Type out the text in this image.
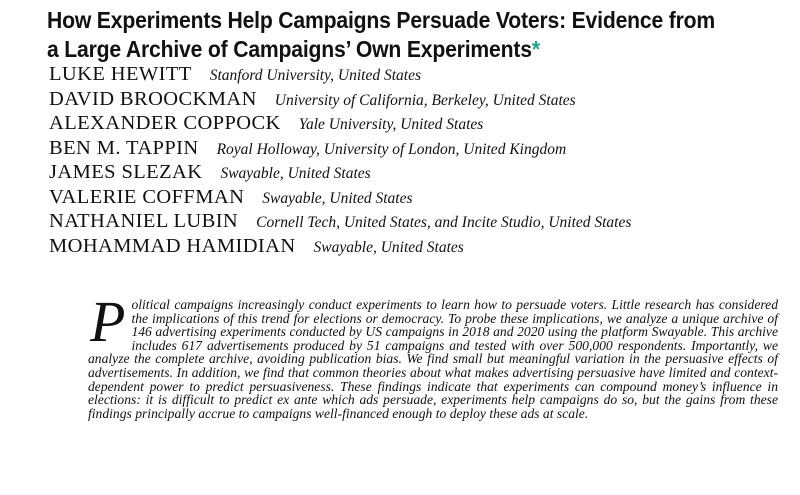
How Experiments Help Campaigns Persuade Voters: Evidence from a Large Archive of Campaigns’ Own Experiments*
LUKE HEWITT Stanford University, United States
DAVID BROOCKMAN University of California, Berkeley, United States
ALEXANDER COPPOCK Yale University, United States
BEN M. TAPPIN Royal Holloway, University of London, United Kingdom
JAMES SLEZAK Swayable, United States
VALERIE COFFMAN Swayable, United States
NATHANIEL LUBIN Cornell Tech, United States, and Incite Studio, United States
MOHAMMAD HAMIDIAN Swayable, United States

Political campaigns increasingly conduct experiments to learn how to persuade voters. Little research has considered the implications of this trend for elections or democracy. To probe these implications, we analyze a unique archive of 146 advertising experiments conducted by US campaigns in 2018 and 2020 using the platform Swayable. This archive includes 617 advertisements produced by 51 campaigns and tested with over 500,000 respondents. Importantly, we analyze the complete archive, avoiding publication bias. We find small but meaningful variation in the persuasive effects of advertisements. In addition, we find that common theories about what makes advertising persuasive have limited and context-dependent power to predict persuasiveness. These findings indicate that experiments can compound money’s influence in elections: it is difficult to predict ex ante which ads persuade, experiments help campaigns do so, but the gains from these findings principally accrue to campaigns well-financed enough to deploy these ads at scale.
